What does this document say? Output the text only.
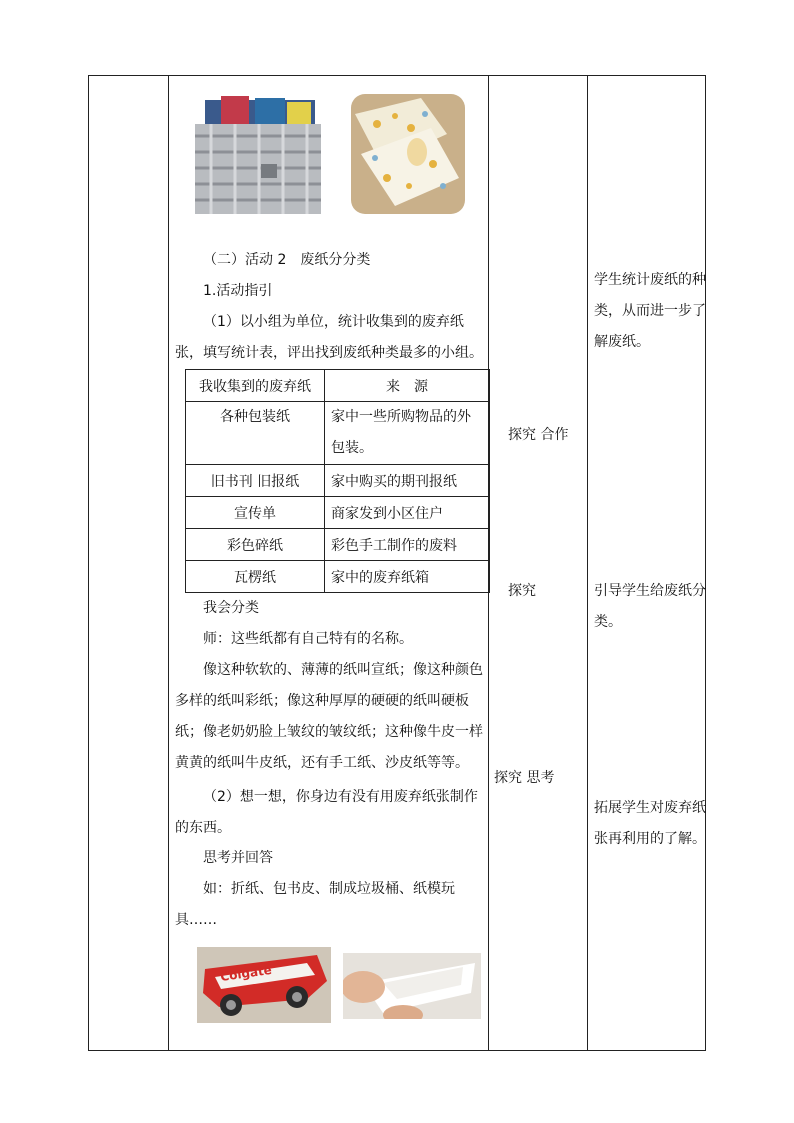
（二）活动 2　废纸分分类
1.活动指引
（1）以小组为单位，统计收集到的废弃纸张，填写统计表，评出找到废纸种类最多的小组。
我收集到的废弃纸	来　源
各种包装纸	家中一些所购物品的外包装。
旧书刊 旧报纸	家中购买的期刊报纸
宣传单	商家发到小区住户
彩色碎纸	彩色手工制作的废料
瓦楞纸	家中的废弃纸箱
我会分类
师：这些纸都有自己特有的名称。
像这种软软的、薄薄的纸叫宣纸；像这种颜色多样的纸叫彩纸；像这种厚厚的硬硬的纸叫硬板纸；像老奶奶脸上皱纹的皱纹纸；这种像牛皮一样黄黄的纸叫牛皮纸，还有手工纸、沙皮纸等等。
（2）想一想，你身边有没有用废弃纸张制作的东西。
思考并回答
如：折纸、包书皮、制成垃圾桶、纸模玩具……
Colgate
探究 合作
探究
探究 思考
学生统计废纸的种类，从而进一步了解废纸。
引导学生给废纸分类。
拓展学生对废弃纸张再利用的了解。
